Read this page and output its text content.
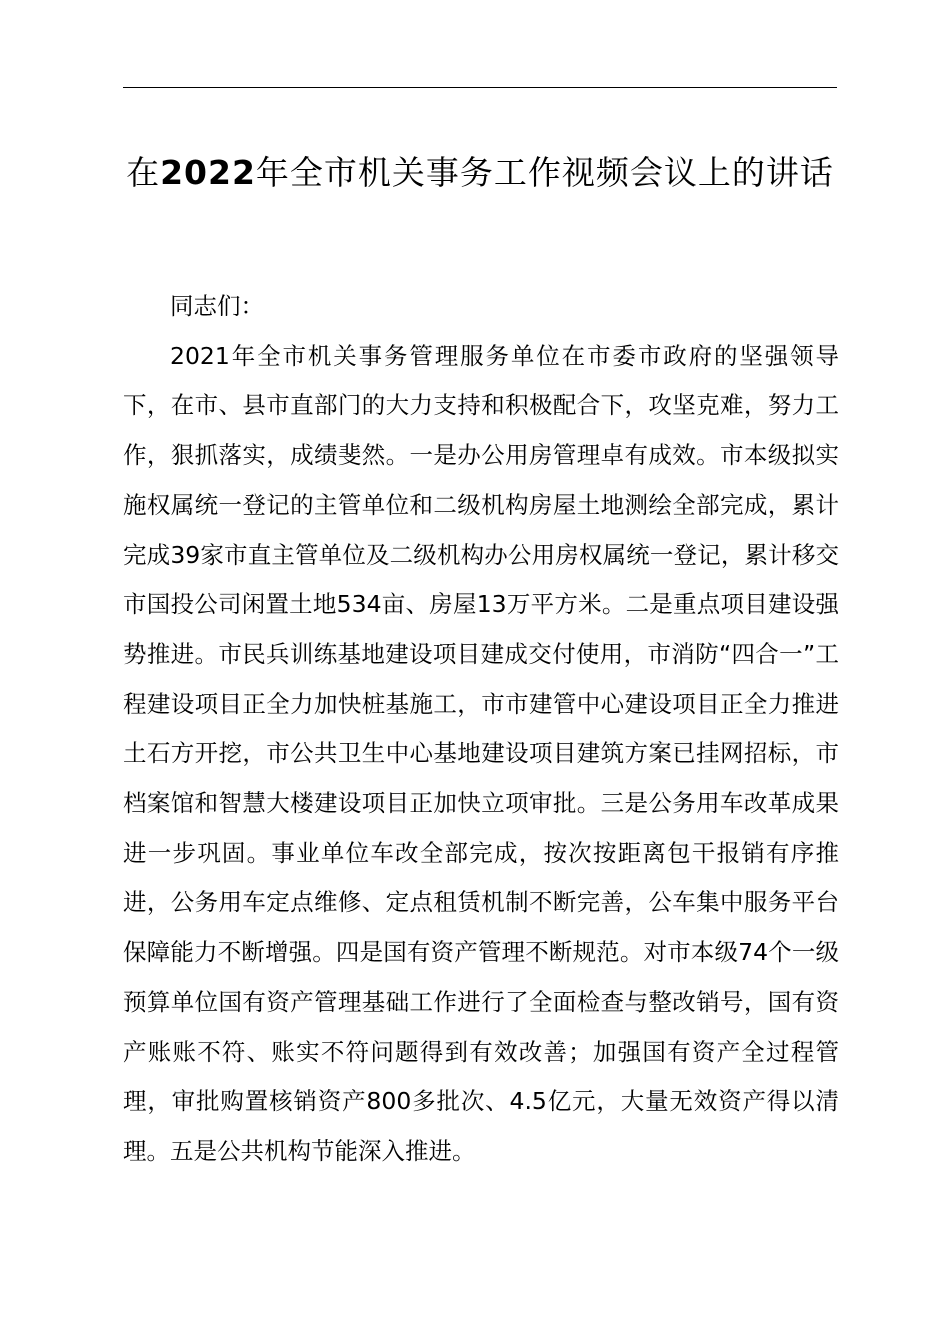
在2022年全市机关事务工作视频会议上的讲话

同志们：

2021年全市机关事务管理服务单位在市委市政府的坚强领导下，在市、县市直部门的大力支持和积极配合下，攻坚克难，努力工作，狠抓落实，成绩斐然。一是办公用房管理卓有成效。市本级拟实施权属统一登记的主管单位和二级机构房屋土地测绘全部完成，累计完成39家市直主管单位及二级机构办公用房权属统一登记，累计移交市国投公司闲置土地534亩、房屋13万平方米。二是重点项目建设强势推进。市民兵训练基地建设项目建成交付使用，市消防“四合一”工程建设项目正全力加快桩基施工，市市建管中心建设项目正全力推进土石方开挖，市公共卫生中心基地建设项目建筑方案已挂网招标，市档案馆和智慧大楼建设项目正加快立项审批。三是公务用车改革成果进一步巩固。事业单位车改全部完成，按次按距离包干报销有序推进，公务用车定点维修、定点租赁机制不断完善，公车集中服务平台保障能力不断增强。四是国有资产管理不断规范。对市本级74个一级预算单位国有资产管理基础工作进行了全面检查与整改销号，国有资产账账不符、账实不符问题得到有效改善；加强国有资产全过程管理，审批购置核销资产800多批次、4.5亿元，大量无效资产得以清理。五是公共机构节能深入推进。
